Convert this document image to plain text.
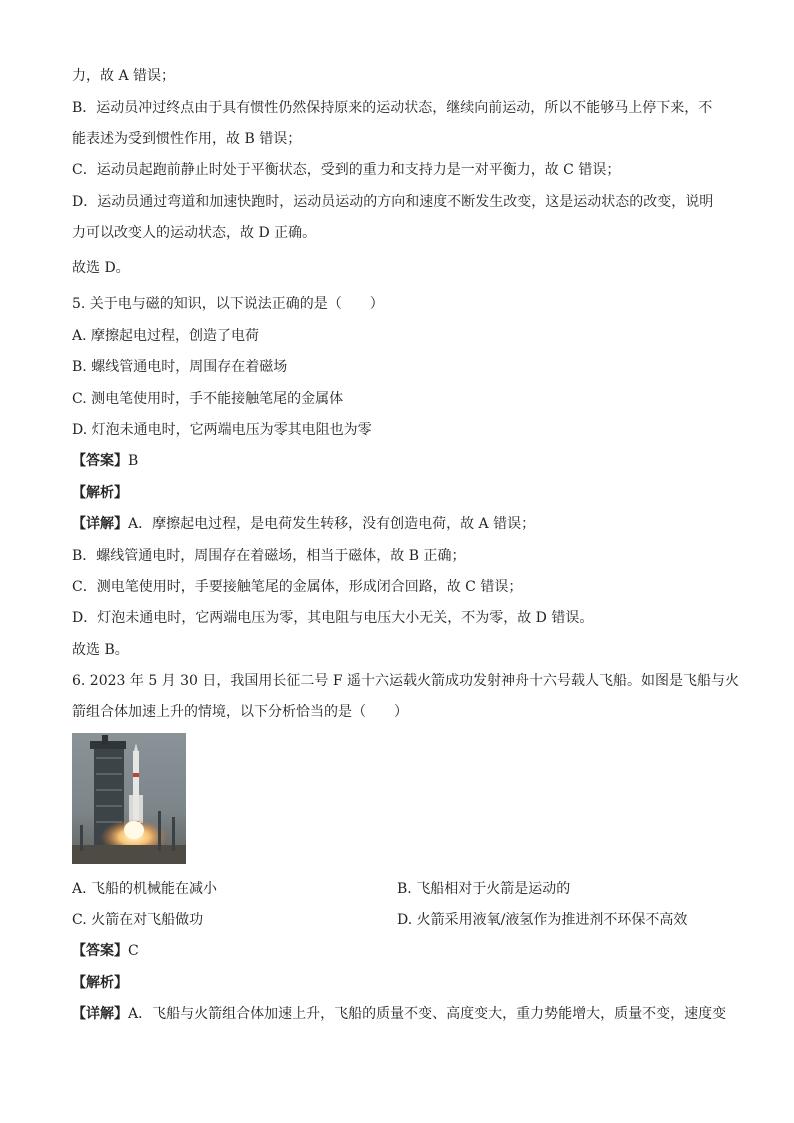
力，故 A 错误；
B．运动员冲过终点由于具有惯性仍然保持原来的运动状态，继续向前运动，所以不能够马上停下来，不
能表述为受到惯性作用，故 B 错误；
C．运动员起跑前静止时处于平衡状态，受到的重力和支持力是一对平衡力，故 C 错误；
D．运动员通过弯道和加速快跑时，运动员运动的方向和速度不断发生改变，这是运动状态的改变，说明
力可以改变人的运动状态，故 D 正确。
故选 D。
5. 关于电与磁的知识，以下说法正确的是（　　）
A. 摩擦起电过程，创造了电荷
B. 螺线管通电时，周围存在着磁场
C. 测电笔使用时，手不能接触笔尾的金属体
D. 灯泡未通电时，它两端电压为零其电阻也为零
【答案】B
【解析】
【详解】A．摩擦起电过程，是电荷发生转移，没有创造电荷，故 A 错误；
B．螺线管通电时，周围存在着磁场，相当于磁体，故 B 正确；
C．测电笔使用时，手要接触笔尾的金属体，形成闭合回路，故 C 错误；
D．灯泡未通电时，它两端电压为零，其电阻与电压大小无关，不为零，故 D 错误。
故选 B。
6. 2023 年 5 月 30 日，我国用长征二号 F 遥十六运载火箭成功发射神舟十六号载人飞船。如图是飞船与火
箭组合体加速上升的情境，以下分析恰当的是（　　）
A. 飞船的机械能在减小	B. 飞船相对于火箭是运动的
C. 火箭在对飞船做功	D. 火箭采用液氧/液氢作为推进剂不环保不高效
【答案】C
【解析】
【详解】A．飞船与火箭组合体加速上升，飞船的质量不变、高度变大，重力势能增大，质量不变，速度变
